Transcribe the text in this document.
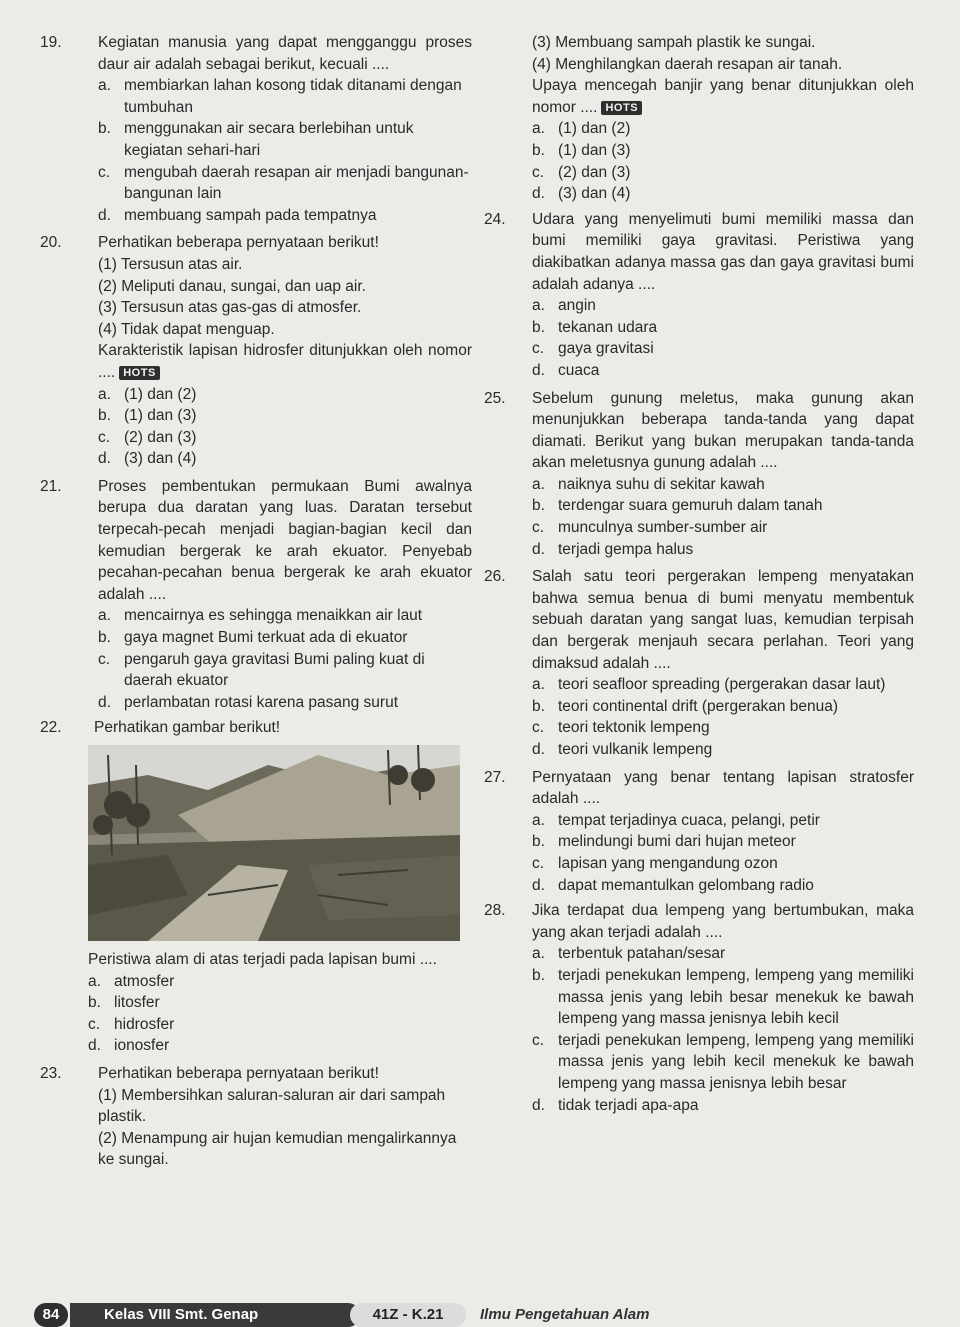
19.	Kegiatan manusia yang dapat mengganggu proses daur air adalah sebagai berikut, kecuali ....
a. membiarkan lahan kosong tidak ditanami dengan tumbuhan
b. menggunakan air secara berlebihan untuk kegiatan sehari-hari
c. mengubah daerah resapan air menjadi bangunan-bangunan lain
d. membuang sampah pada tempatnya
20.	Perhatikan beberapa pernyataan berikut!
(1) Tersusun atas air.
(2) Meliputi danau, sungai, dan uap air.
(3) Tersusun atas gas-gas di atmosfer.
(4) Tidak dapat menguap.
Karakteristik lapisan hidrosfer ditunjukkan oleh nomor .... HOTS
a. (1) dan (2)
b. (1) dan (3)
c. (2) dan (3)
d. (3) dan (4)
21.	Proses pembentukan permukaan Bumi awalnya berupa dua daratan yang luas. Daratan tersebut terpecah-pecah menjadi bagian-bagian kecil dan kemudian bergerak ke arah ekuator. Penyebab pecahan-pecahan benua bergerak ke arah ekuator adalah ....
a. mencairnya es sehingga menaikkan air laut
b. gaya magnet Bumi terkuat ada di ekuator
c. pengaruh gaya gravitasi Bumi paling kuat di daerah ekuator
d. perlambatan rotasi karena pasang surut
22. Perhatikan gambar berikut!
Peristiwa alam di atas terjadi pada lapisan bumi ....
a. atmosfer
b. litosfer
c. hidrosfer
d. ionosfer
23.	Perhatikan beberapa pernyataan berikut!
(1) Membersihkan saluran-saluran air dari sampah plastik.
(2) Menampung air hujan kemudian mengalirkannya ke sungai.
(3) Membuang sampah plastik ke sungai.
(4) Menghilangkan daerah resapan air tanah.
Upaya mencegah banjir yang benar ditunjukkan oleh nomor .... HOTS
a. (1) dan (2)
b. (1) dan (3)
c. (2) dan (3)
d. (3) dan (4)
24.	Udara yang menyelimuti bumi memiliki massa dan bumi memiliki gaya gravitasi. Peristiwa yang diakibatkan adanya massa gas dan gaya gravitasi bumi adalah adanya ....
a. angin
b. tekanan udara
c. gaya gravitasi
d. cuaca
25.	Sebelum gunung meletus, maka gunung akan menunjukkan beberapa tanda-tanda yang dapat diamati. Berikut yang bukan merupakan tanda-tanda akan meletusnya gunung adalah ....
a. naiknya suhu di sekitar kawah
b. terdengar suara gemuruh dalam tanah
c. munculnya sumber-sumber air
d. terjadi gempa halus
26.	Salah satu teori pergerakan lempeng menyatakan bahwa semua benua di bumi menyatu membentuk sebuah daratan yang sangat luas, kemudian terpisah dan bergerak menjauh secara perlahan. Teori yang dimaksud adalah ....
a. teori seafloor spreading (pergerakan dasar laut)
b. teori continental drift (pergerakan benua)
c. teori tektonik lempeng
d. teori vulkanik lempeng
27.	Pernyataan yang benar tentang lapisan stratosfer adalah ....
a. tempat terjadinya cuaca, pelangi, petir
b. melindungi bumi dari hujan meteor
c. lapisan yang mengandung ozon
d. dapat memantulkan gelombang radio
28.	Jika terdapat dua lempeng yang bertumbukan, maka yang akan terjadi adalah ....
a. terbentuk patahan/sesar
b. terjadi penekukan lempeng, lempeng yang memiliki massa jenis yang lebih besar menekuk ke bawah lempeng yang massa jenisnya lebih kecil
c. terjadi penekukan lempeng, lempeng yang memiliki massa jenis yang lebih kecil menekuk ke bawah lempeng yang massa jenisnya lebih besar
d. tidak terjadi apa-apa
Kelas VIII Smt. Genap
84	41Z - K.21	Ilmu Pengetahuan Alam
